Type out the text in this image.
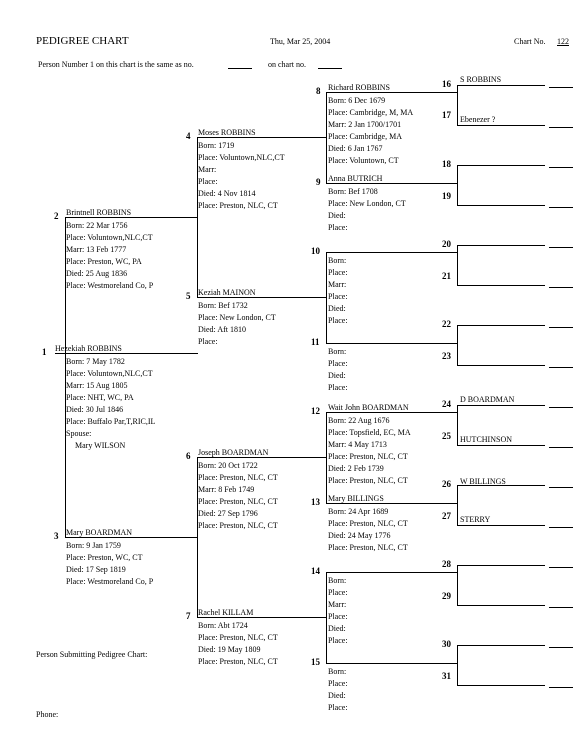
PEDIGREE CHART	Thu, Mar 25, 2004	Chart No. 122
Person Number 1 on this chart is the same as no.	on chart no.
1
2
3
4
5
6
7
8
9
10
11
12
13
14
15
16
17
18
19
20
21
22
23
24
25
26
27
28
29
30
31
Hezekiah ROBBINS
Born: 7 May 1782
Place: Voluntown,NLC,CT
Marr: 15 Aug 1805
Place: NHT, WC, PA
Died: 30 Jul 1846
Place: Buffalo Par,T,RIC,IL
Spouse:
Mary WILSON
Brintnell ROBBINS
Born: 22 Mar 1756
Place: Voluntown,NLC,CT
Marr: 13 Feb 1777
Place: Preston, WC, PA
Died: 25 Aug 1836
Place: Westmoreland Co, P
Mary BOARDMAN
Born: 9 Jan 1759
Place: Preston, WC, CT
Died: 17 Sep 1819
Place: Westmoreland Co, P
Moses ROBBINS
Born: 1719
Place: Voluntown,NLC,CT
Marr:
Place:
Died: 4 Nov 1814
Place: Preston, NLC, CT
Keziah MAINON
Born: Bef 1732
Place: New London, CT
Died: Aft 1810
Place:
Joseph BOARDMAN
Born: 20 Oct 1722
Place: Preston, NLC, CT
Marr: 8 Feb 1749
Place: Preston, NLC, CT
Died: 27 Sep 1796
Place: Preston, NLC, CT
Rachel KILLAM
Born: Abt 1724
Place: Preston, NLC, CT
Died: 19 May 1809
Place: Preston, NLC, CT
Richard ROBBINS
Born: 6 Dec 1679
Place: Cambridge, M, MA
Marr: 2 Jan 1700/1701
Place: Cambridge, MA
Died: 6 Jan 1767
Place: Voluntown, CT
Anna BUTRICH
Born: Bef 1708
Place: New London, CT
Died:
Place:
Born:
Place:
Marr:
Place:
Died:
Place:
Born:
Place:
Died:
Place:
Wait John BOARDMAN
Born: 22 Aug 1676
Place: Topsfield, EC, MA
Marr: 4 May 1713
Place: Preston, NLC, CT
Died: 2 Feb 1739
Place: Preston, NLC, CT
Mary BILLINGS
Born: 24 Apr 1689
Place: Preston, NLC, CT
Died: 24 May 1776
Place: Preston, NLC, CT
Born:
Place:
Marr:
Place:
Died:
Place:
Born:
Place:
Died:
Place:
S ROBBINS
Ebenezer ?
D BOARDMAN
HUTCHINSON
W BILLINGS
STERRY
Person Submitting Pedigree Chart:
Phone:
